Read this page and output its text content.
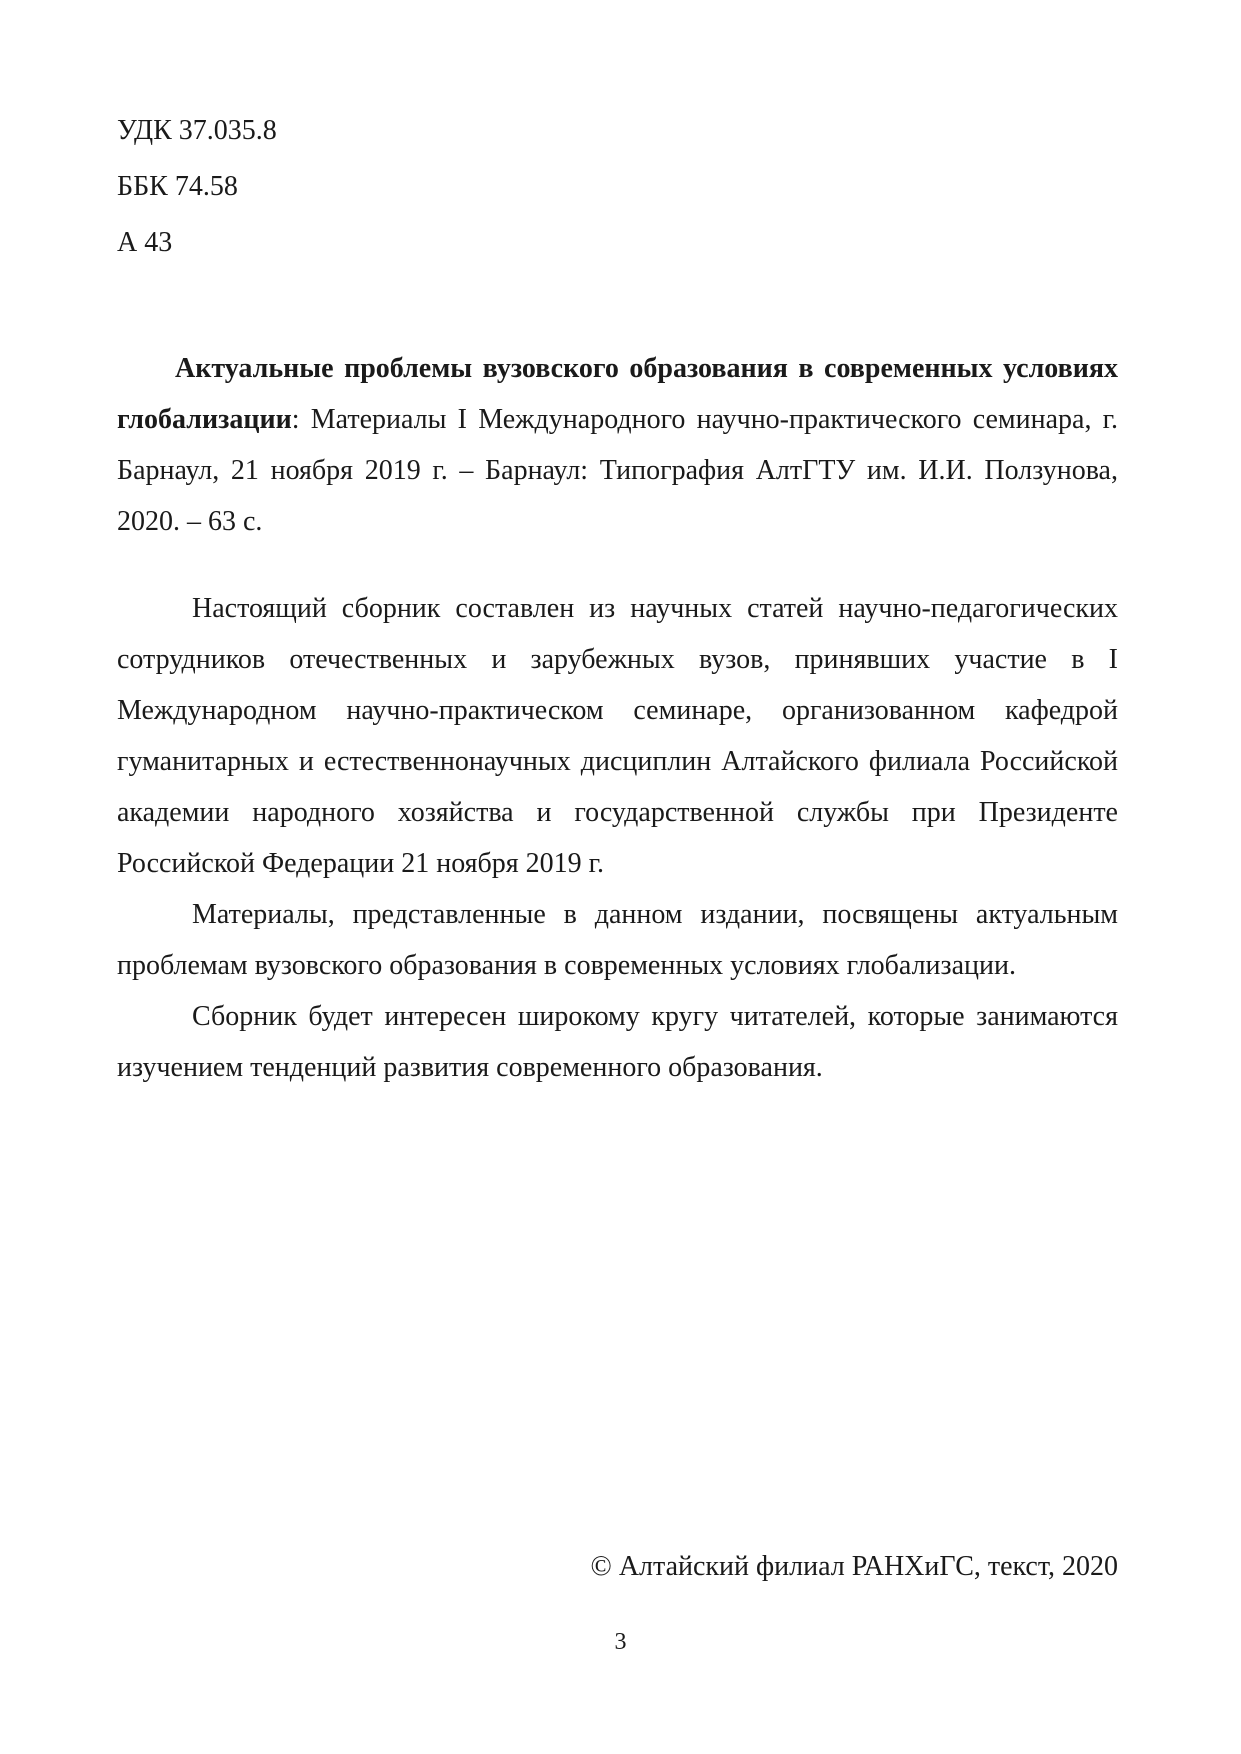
УДК 37.035.8
ББК 74.58
А 43

Актуальные проблемы вузовского образования в современных условиях глобализации: Материалы I Международного научно-практического семинара, г. Барнаул, 21 ноября 2019 г. – Барнаул: Типография АлтГТУ им. И.И. Ползунова, 2020. – 63 с.

Настоящий сборник составлен из научных статей научно-педагогических сотрудников отечественных и зарубежных вузов, принявших участие в I Международном научно-практическом семинаре, организованном кафедрой гуманитарных и естественнонаучных дисциплин Алтайского филиала Российской академии народного хозяйства и государственной службы при Президенте Российской Федерации 21 ноября 2019 г.

Материалы, представленные в данном издании, посвящены актуальным проблемам вузовского образования в современных условиях глобализации.

Сборник будет интересен широкому кругу читателей, которые занимаются изучением тенденций развития современного образования.

© Алтайский филиал РАНХиГС, текст, 2020
3
